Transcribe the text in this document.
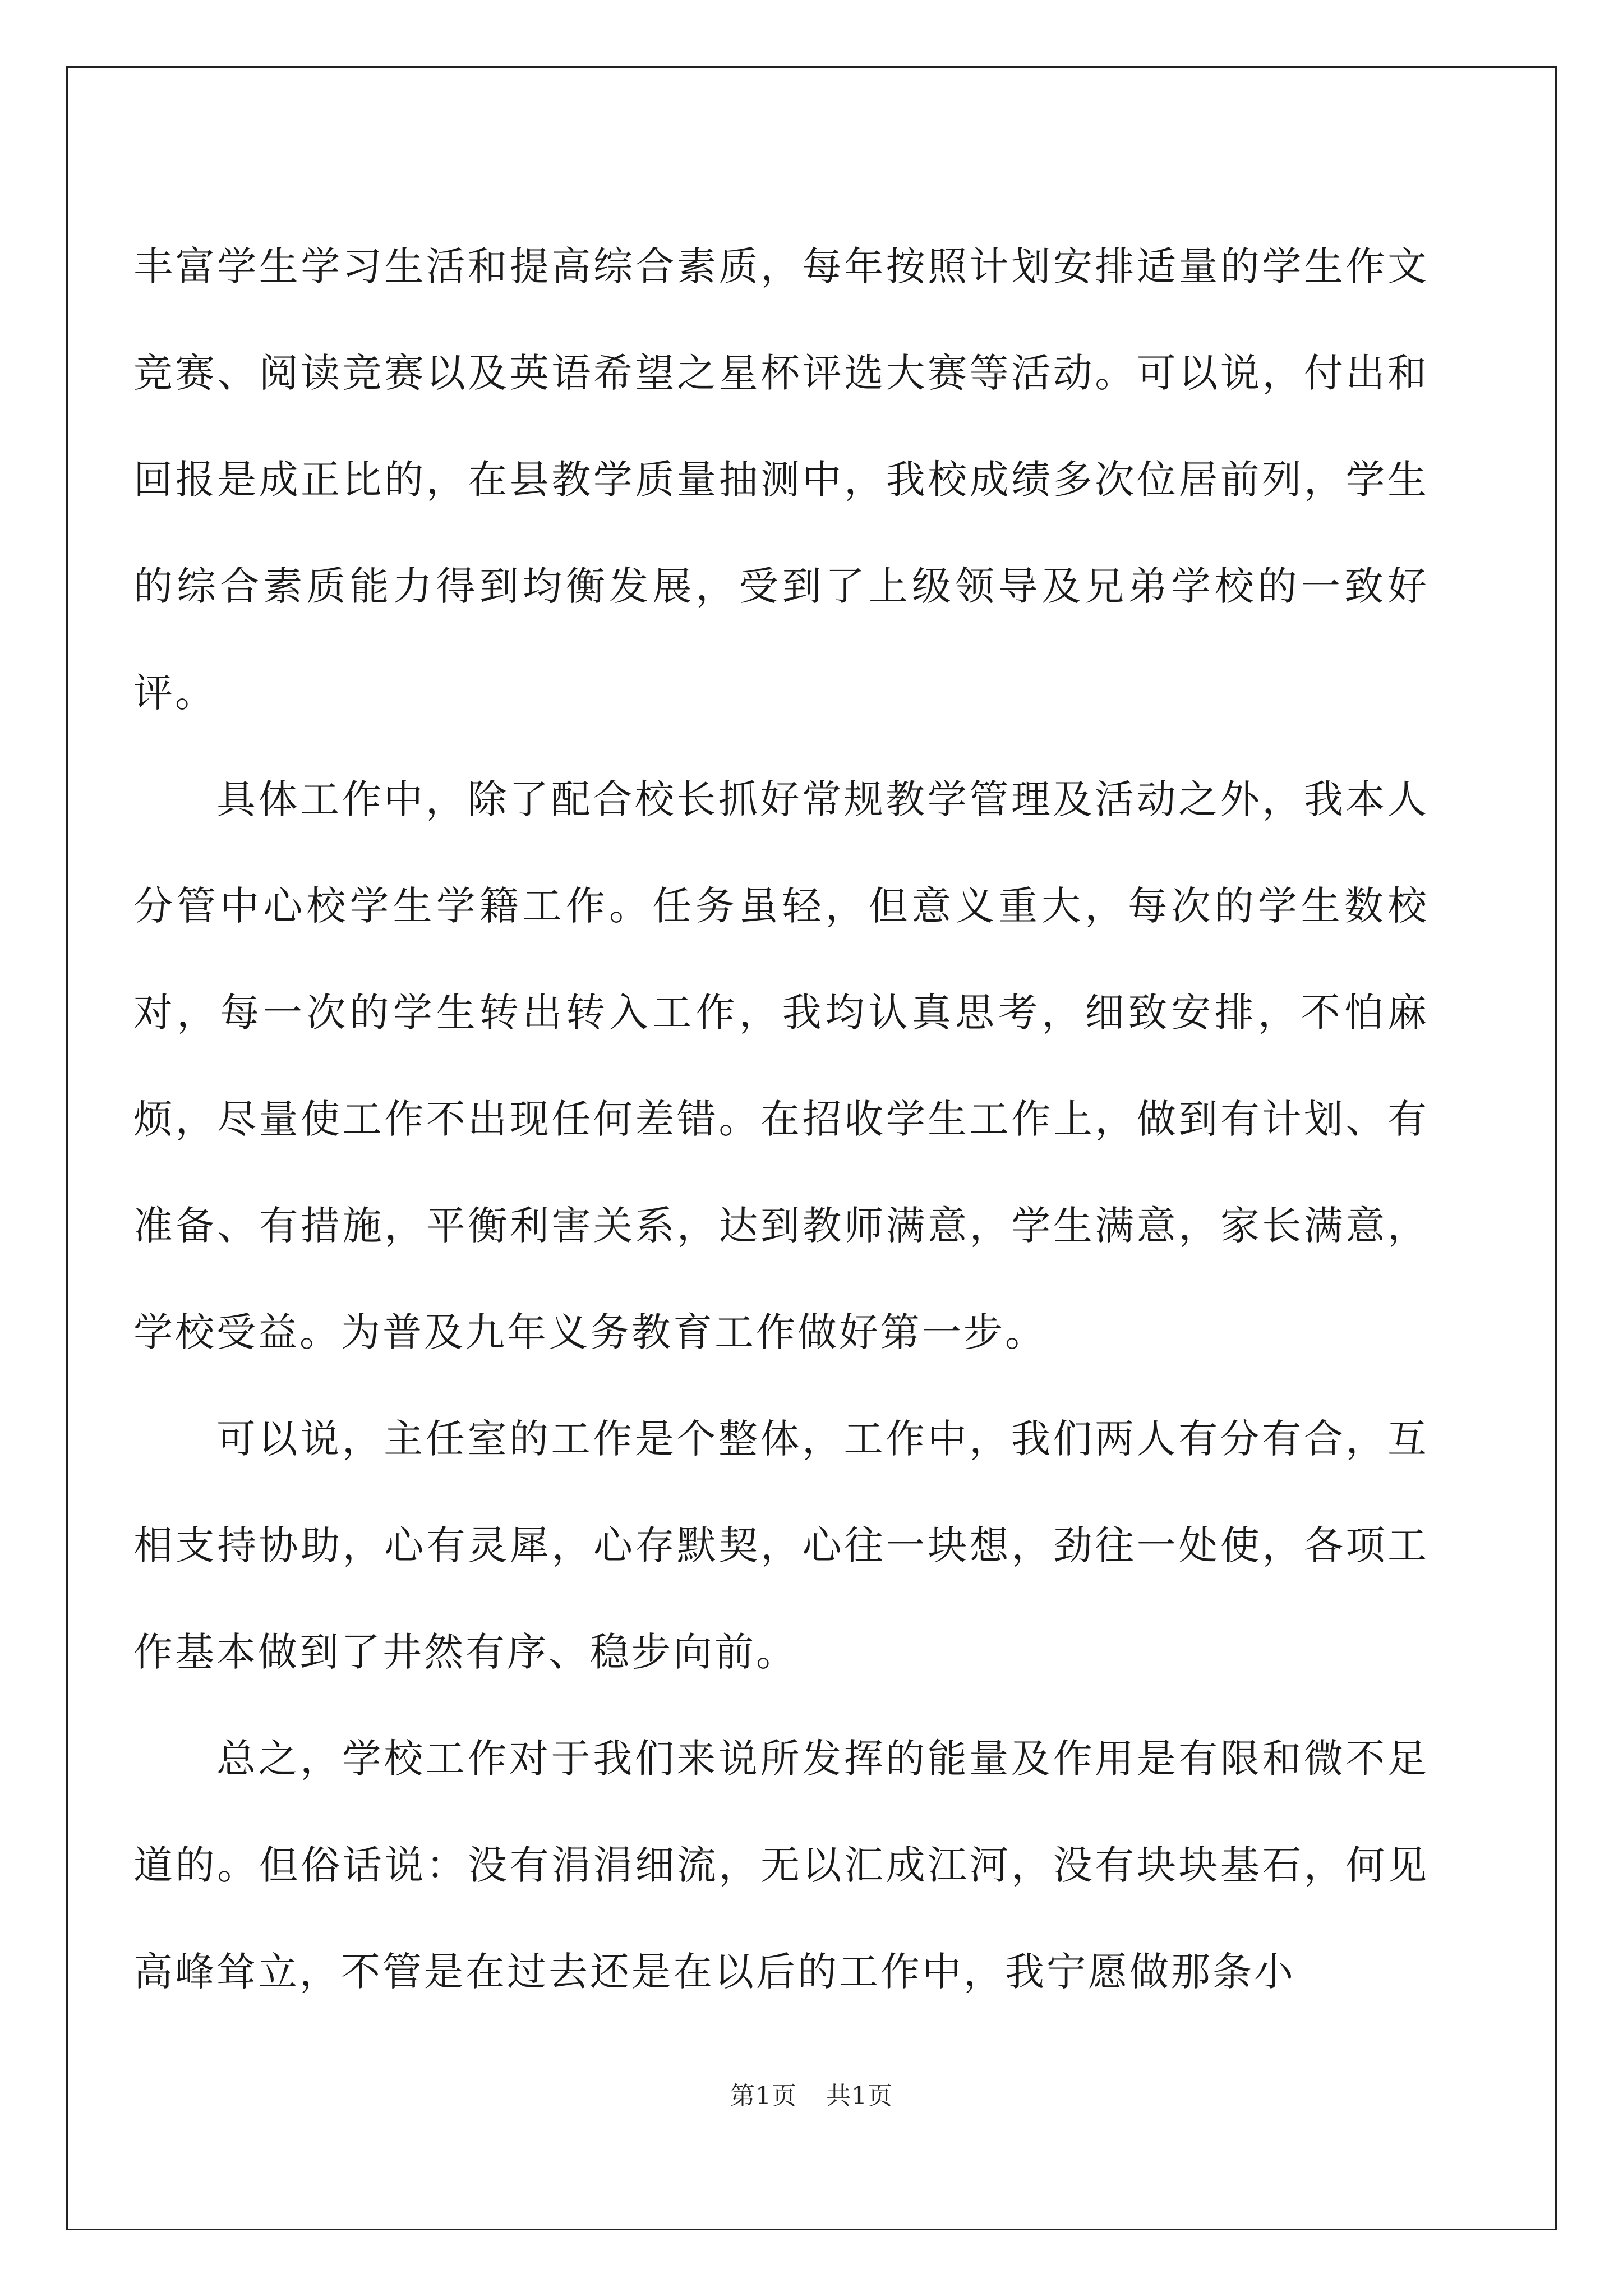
丰富学生学习生活和提高综合素质，每年按照计划安排适量的学生作文竞赛、阅读竞赛以及英语希望之星杯评选大赛等活动。可以说，付出和回报是成正比的，在县教学质量抽测中，我校成绩多次位居前列，学生的综合素质能力得到均衡发展，受到了上级领导及兄弟学校的一致好评。

具体工作中，除了配合校长抓好常规教学管理及活动之外，我本人分管中心校学生学籍工作。任务虽轻，但意义重大，每次的学生数校对，每一次的学生转出转入工作，我均认真思考，细致安排，不怕麻烦，尽量使工作不出现任何差错。在招收学生工作上，做到有计划、有准备、有措施，平衡利害关系，达到教师满意，学生满意，家长满意，学校受益。为普及九年义务教育工作做好第一步。

可以说，主任室的工作是个整体，工作中，我们两人有分有合，互相支持协助，心有灵犀，心存默契，心往一块想，劲往一处使，各项工作基本做到了井然有序、稳步向前。

总之，学校工作对于我们来说所发挥的能量及作用是有限和微不足道的。但俗话说：没有涓涓细流，无以汇成江河，没有块块基石，何见高峰耸立，不管是在过去还是在以后的工作中，我宁愿做那条小

第1页 共1页
